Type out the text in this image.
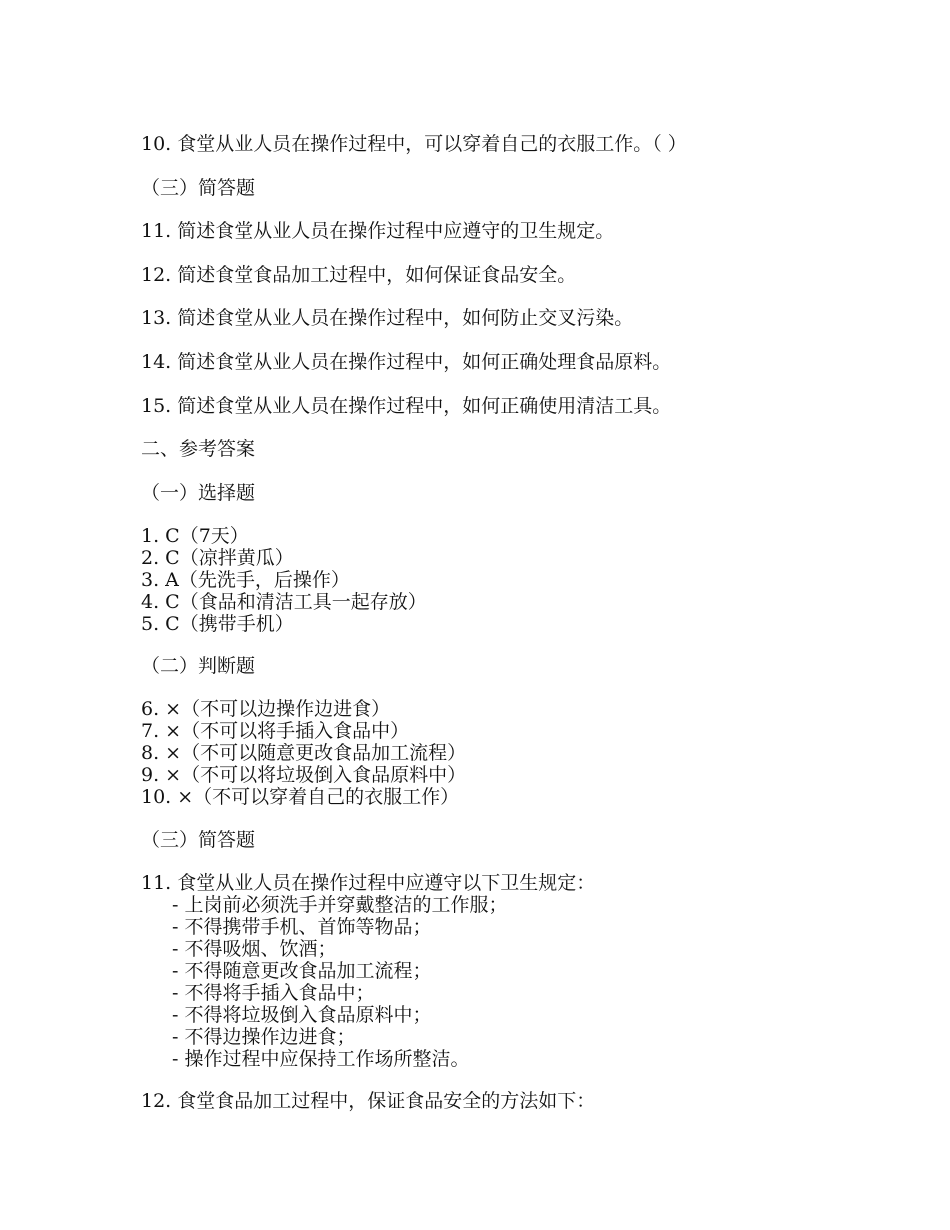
10. 食堂从业人员在操作过程中，可以穿着自己的衣服工作。（ ）
（三）简答题
11. 简述食堂从业人员在操作过程中应遵守的卫生规定。
12. 简述食堂食品加工过程中，如何保证食品安全。
13. 简述食堂从业人员在操作过程中，如何防止交叉污染。
14. 简述食堂从业人员在操作过程中，如何正确处理食品原料。
15. 简述食堂从业人员在操作过程中，如何正确使用清洁工具。
二、参考答案
（一）选择题
1. C（7天）
2. C（凉拌黄瓜）
3. A（先洗手，后操作）
4. C（食品和清洁工具一起存放）
5. C（携带手机）
（二）判断题
6. ×（不可以边操作边进食）
7. ×（不可以将手插入食品中）
8. ×（不可以随意更改食品加工流程）
9. ×（不可以将垃圾倒入食品原料中）
10. ×（不可以穿着自己的衣服工作）
（三）简答题
11. 食堂从业人员在操作过程中应遵守以下卫生规定：
- 上岗前必须洗手并穿戴整洁的工作服；
- 不得携带手机、首饰等物品；
- 不得吸烟、饮酒；
- 不得随意更改食品加工流程；
- 不得将手插入食品中；
- 不得将垃圾倒入食品原料中；
- 不得边操作边进食；
- 操作过程中应保持工作场所整洁。
12. 食堂食品加工过程中，保证食品安全的方法如下：
